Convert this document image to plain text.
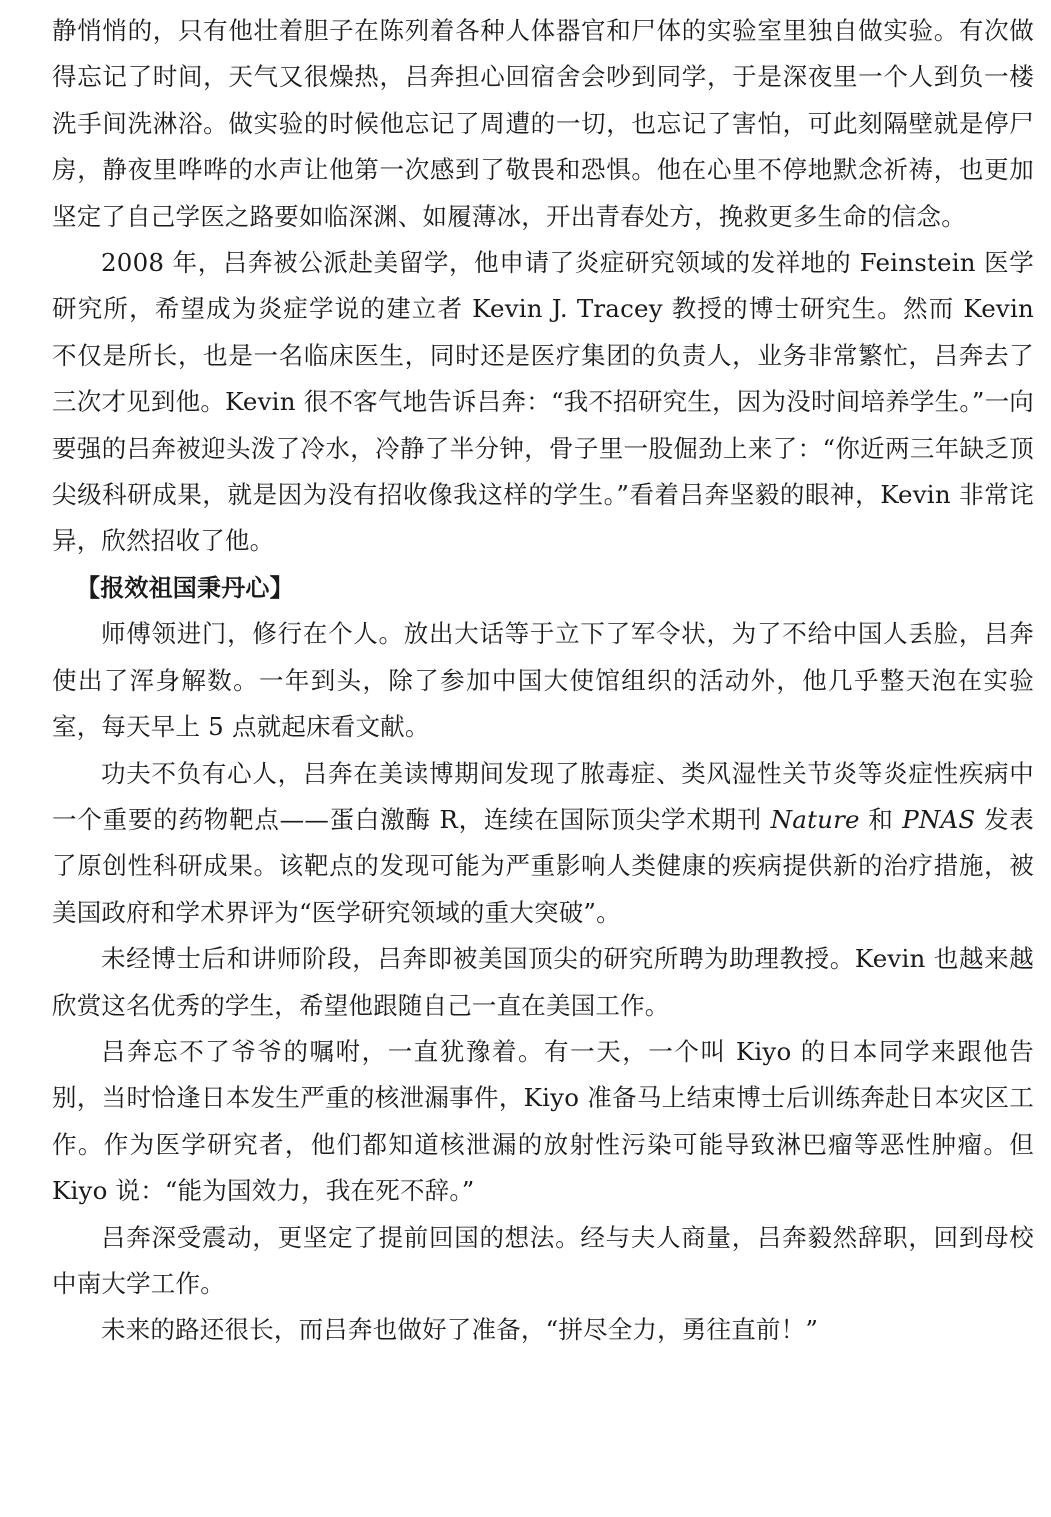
静悄悄的，只有他壮着胆子在陈列着各种人体器官和尸体的实验室里独自做实验。有次做得忘记了时间，天气又很燥热，吕奔担心回宿舍会吵到同学，于是深夜里一个人到负一楼洗手间洗淋浴。做实验的时候他忘记了周遭的一切，也忘记了害怕，可此刻隔壁就是停尸房，静夜里哗哗的水声让他第一次感到了敬畏和恐惧。他在心里不停地默念祈祷，也更加坚定了自己学医之路要如临深渊、如履薄冰，开出青春处方，挽救更多生命的信念。

2008 年，吕奔被公派赴美留学，他申请了炎症研究领域的发祥地的 Feinstein 医学研究所，希望成为炎症学说的建立者 Kevin J. Tracey 教授的博士研究生。然而 Kevin 不仅是所长，也是一名临床医生，同时还是医疗集团的负责人，业务非常繁忙，吕奔去了三次才见到他。Kevin 很不客气地告诉吕奔：“我不招研究生，因为没时间培养学生。”一向要强的吕奔被迎头泼了冷水，冷静了半分钟，骨子里一股倔劲上来了：“你近两三年缺乏顶尖级科研成果，就是因为没有招收像我这样的学生。”看着吕奔坚毅的眼神，Kevin 非常诧异，欣然招收了他。

【报效祖国秉丹心】

师傅领进门，修行在个人。放出大话等于立下了军令状，为了不给中国人丢脸，吕奔使出了浑身解数。一年到头，除了参加中国大使馆组织的活动外，他几乎整天泡在实验室，每天早上 5 点就起床看文献。

功夫不负有心人，吕奔在美读博期间发现了脓毒症、类风湿性关节炎等炎症性疾病中一个重要的药物靶点——蛋白激酶 R，连续在国际顶尖学术期刊 Nature 和 PNAS 发表了原创性科研成果。该靶点的发现可能为严重影响人类健康的疾病提供新的治疗措施，被美国政府和学术界评为“医学研究领域的重大突破”。

未经博士后和讲师阶段，吕奔即被美国顶尖的研究所聘为助理教授。Kevin 也越来越欣赏这名优秀的学生，希望他跟随自己一直在美国工作。

吕奔忘不了爷爷的嘱咐，一直犹豫着。有一天，一个叫 Kiyo 的日本同学来跟他告别，当时恰逢日本发生严重的核泄漏事件，Kiyo 准备马上结束博士后训练奔赴日本灾区工作。作为医学研究者，他们都知道核泄漏的放射性污染可能导致淋巴瘤等恶性肿瘤。但 Kiyo 说：“能为国效力，我在死不辞。”

吕奔深受震动，更坚定了提前回国的想法。经与夫人商量，吕奔毅然辞职，回到母校中南大学工作。

未来的路还很长，而吕奔也做好了准备，“拼尽全力，勇往直前！”
